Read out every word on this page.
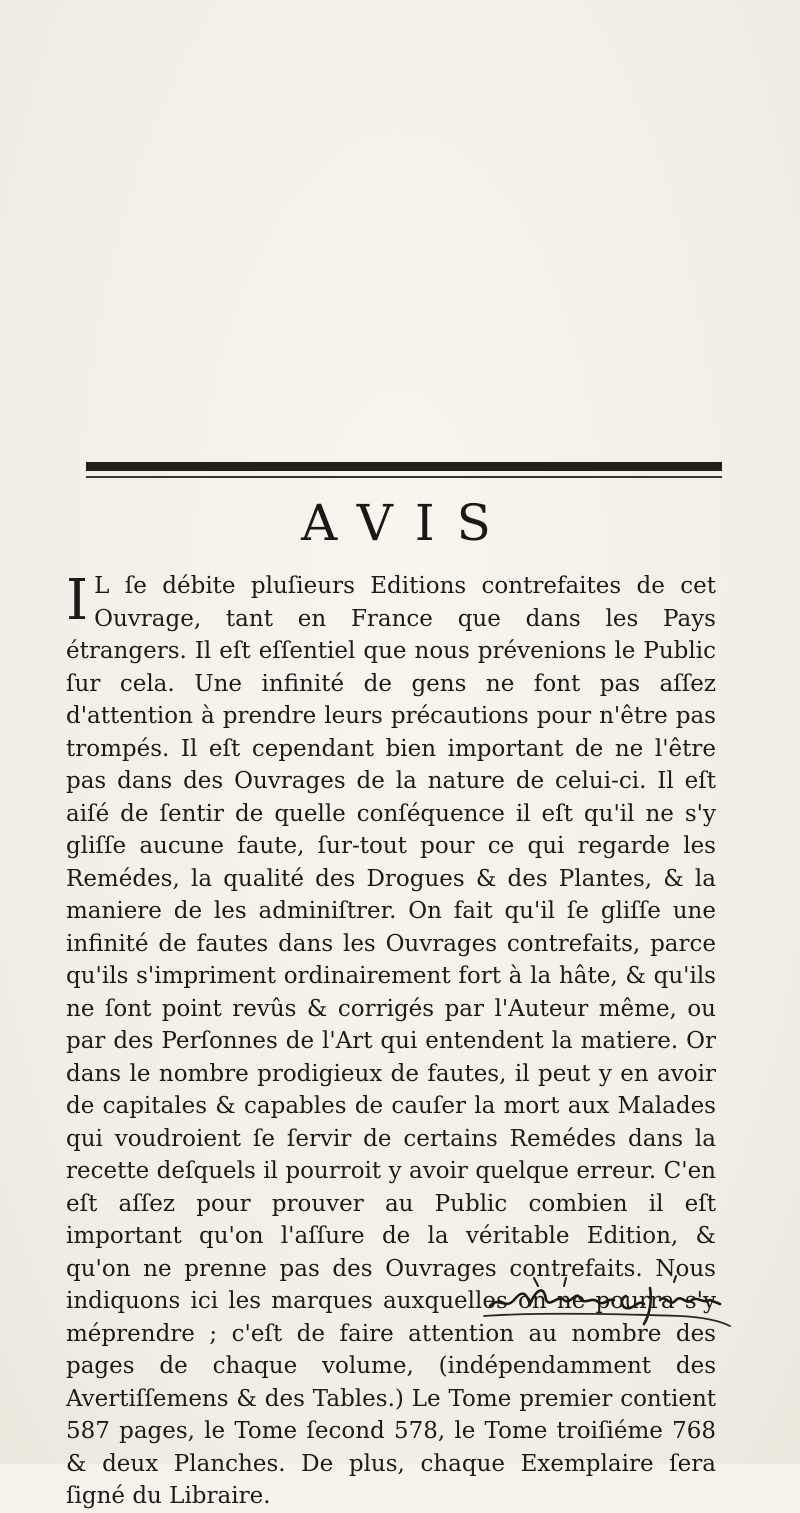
AVIS
I L ſe débite pluſieurs Editions contrefaites de cet Ouvrage, tant en France que dans les Pays étrangers. Il eſt eſſentiel que nous prévenions le Public ſur cela. Une infinité de gens ne font pas aſſez d'attention à prendre leurs précautions pour n'être pas trompés. Il eſt cependant bien important de ne l'être pas dans des Ouvrages de la nature de celui-ci. Il eſt aiſé de ſentir de quelle conſéquence il eſt qu'il ne s'y gliſſe aucune faute, ſur-tout pour ce qui regarde les Remédes, la qualité des Drogues & des Plantes, & la maniere de les adminiſtrer. On fait qu'il ſe gliſſe une infinité de fautes dans les Ouvrages contrefaits, parce qu'ils s'impriment ordinairement fort à la hâte, & qu'ils ne ſont point revûs & corrigés par l'Auteur même, ou par des Perſonnes de l'Art qui entendent la matiere. Or dans le nombre prodigieux de fautes, il peut y en avoir de capitales & capables de cauſer la mort aux Malades qui voudroient ſe ſervir de certains Remédes dans la recette deſquels il pourroit y avoir quelque erreur. C'en eſt aſſez pour prouver au Public combien il eſt important qu'on l'aſſure de la véritable Edition, & qu'on ne prenne pas des Ouvrages contrefaits. Nous indiquons ici les marques auxquelles on ne pourra s'y méprendre ; c'eſt de faire attention au nombre des pages de chaque volume, (indépendamment des Avertiſſemens & des Tables.) Le Tome premier contient 587 pages, le Tome ſecond 578, le Tome troiſiéme 768 & deux Planches. De plus, chaque Exemplaire ſera ſigné du Libraire.
